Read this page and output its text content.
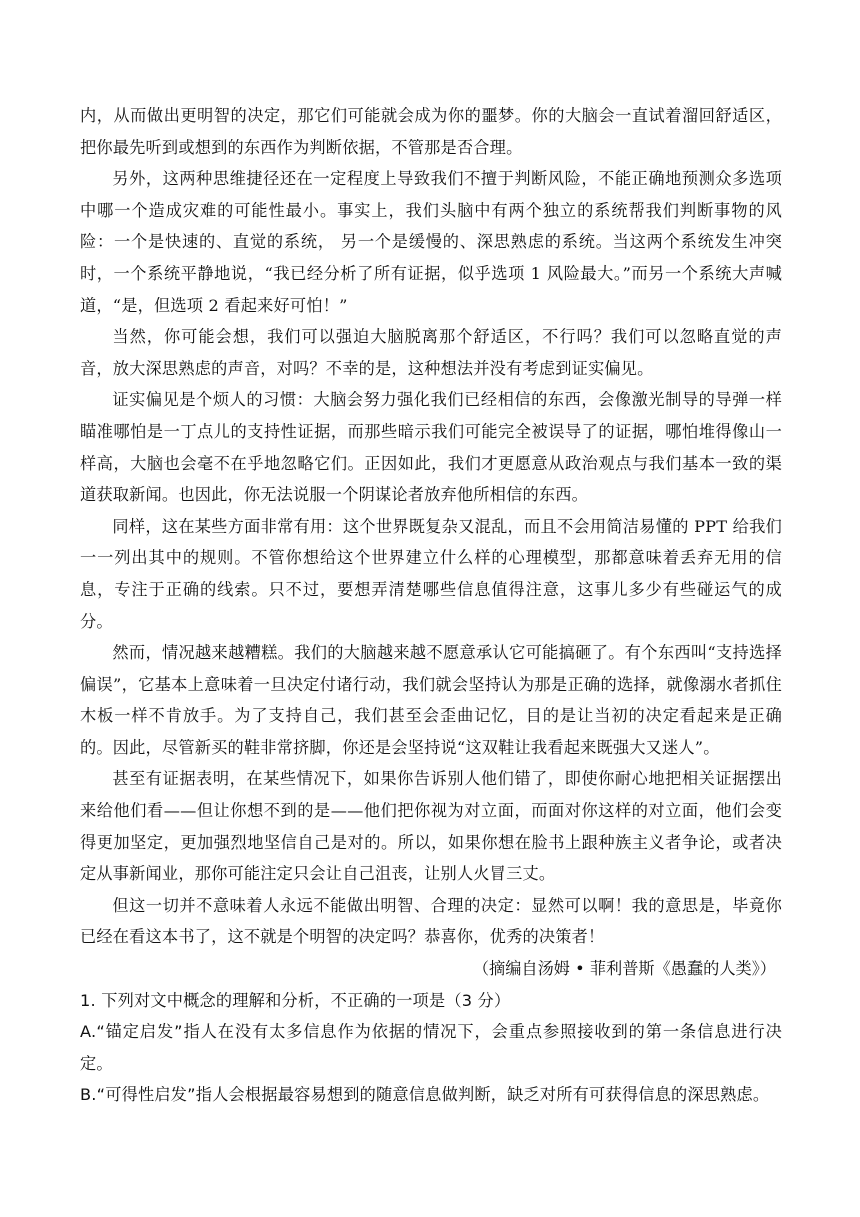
内，从而做出更明智的决定，那它们可能就会成为你的噩梦。你的大脑会一直试着溜回舒适区，把你最先听到或想到的东西作为判断依据，不管那是否合理。

另外，这两种思维捷径还在一定程度上导致我们不擅于判断风险，不能正确地预测众多选项中哪一个造成灾难的可能性最小。事实上，我们头脑中有两个独立的系统帮我们判断事物的风险：一个是快速的、直觉的系统， 另一个是缓慢的、深思熟虑的系统。当这两个系统发生冲突时，一个系统平静地说，“我已经分析了所有证据，似乎选项 1 风险最大。”而另一个系统大声喊道，“是，但选项 2 看起来好可怕！”

当然，你可能会想，我们可以强迫大脑脱离那个舒适区，不行吗？我们可以忽略直觉的声音，放大深思熟虑的声音，对吗？不幸的是，这种想法并没有考虑到证实偏见。

证实偏见是个烦人的习惯：大脑会努力强化我们已经相信的东西，会像激光制导的导弹一样瞄准哪怕是一丁点儿的支持性证据，而那些暗示我们可能完全被误导了的证据，哪怕堆得像山一样高，大脑也会毫不在乎地忽略它们。正因如此，我们才更愿意从政治观点与我们基本一致的渠道获取新闻。也因此，你无法说服一个阴谋论者放弃他所相信的东西。

同样，这在某些方面非常有用：这个世界既复杂又混乱，而且不会用简洁易懂的 PPT 给我们一一列出其中的规则。不管你想给这个世界建立什么样的心理模型，那都意味着丢弃无用的信息，专注于正确的线索。只不过，要想弄清楚哪些信息值得注意，这事儿多少有些碰运气的成分。

然而，情况越来越糟糕。我们的大脑越来越不愿意承认它可能搞砸了。有个东西叫“支持选择偏误”，它基本上意味着一旦决定付诸行动，我们就会坚持认为那是正确的选择，就像溺水者抓住木板一样不肯放手。为了支持自己，我们甚至会歪曲记忆，目的是让当初的决定看起来是正确的。因此，尽管新买的鞋非常挤脚，你还是会坚持说“这双鞋让我看起来既强大又迷人”。

甚至有证据表明，在某些情况下，如果你告诉别人他们错了，即使你耐心地把相关证据摆出来给他们看——但让你想不到的是——他们把你视为对立面，而面对你这样的对立面，他们会变得更加坚定，更加强烈地坚信自己是对的。所以，如果你想在脸书上跟种族主义者争论，或者决定从事新闻业，那你可能注定只会让自己沮丧，让别人火冒三丈。

但这一切并不意味着人永远不能做出明智、合理的决定：显然可以啊！我的意思是，毕竟你已经在看这本书了，这不就是个明智的决定吗？恭喜你，优秀的决策者！

（摘编自汤姆 • 菲利普斯《愚蠢的人类》）

1. 下列对文中概念的理解和分析，不正确的一项是（3 分）

A.“锚定启发”指人在没有太多信息作为依据的情况下，会重点参照接收到的第一条信息进行决定。

B.“可得性启发”指人会根据最容易想到的随意信息做判断，缺乏对所有可获得信息的深思熟虑。
